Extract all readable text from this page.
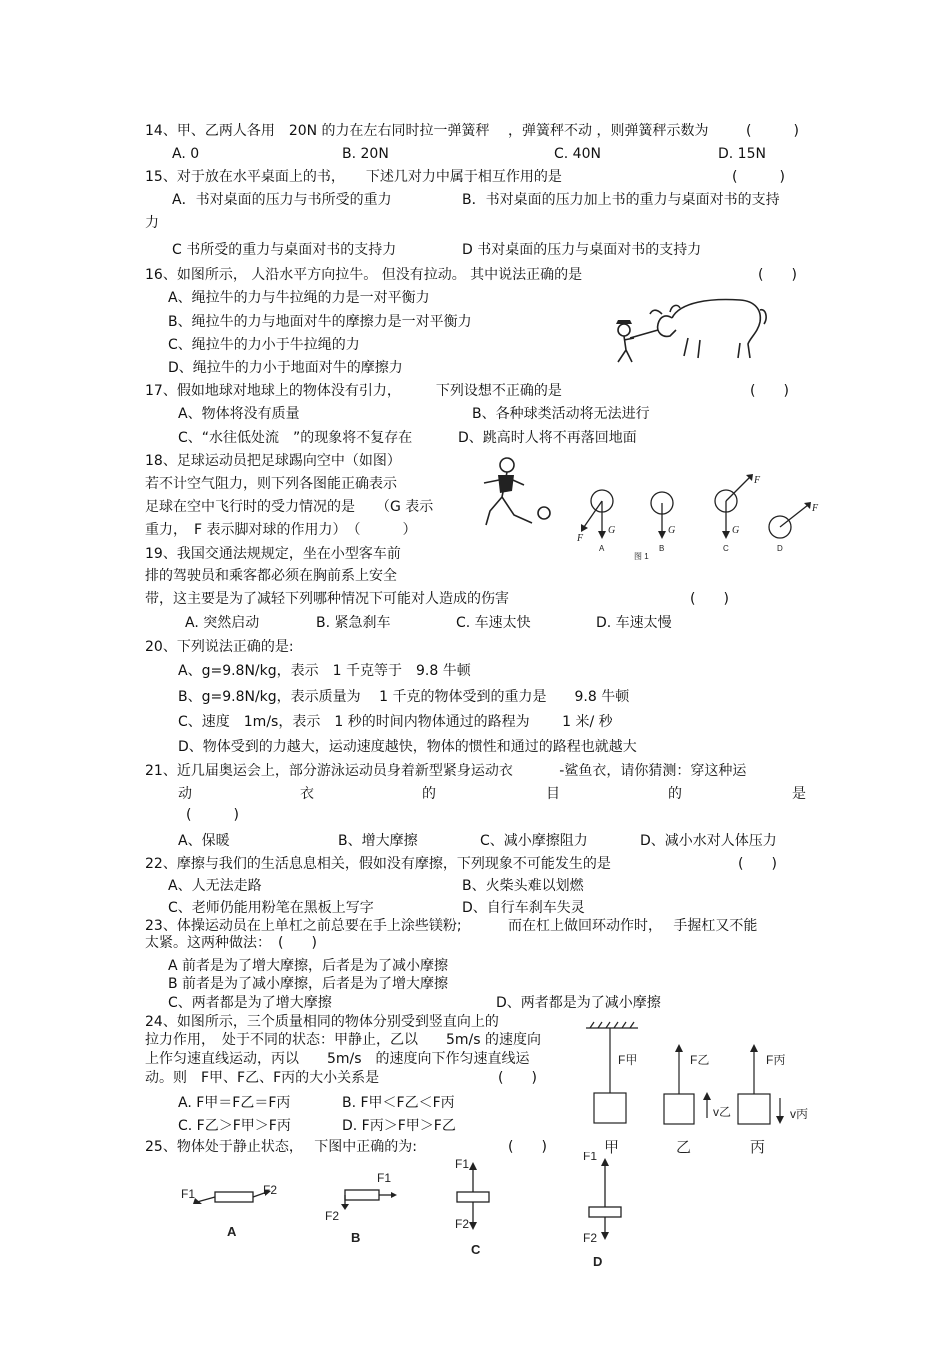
14、甲、乙两人各用　20N 的力在左右同时拉一弹簧秤　 ，弹簧秤不动 ，则弹簧秤示数为	(　　　)
A. 0	B. 20N	C. 40N	D. 15N
15、对于放在水平桌面上的书，　　下述几对力中属于相互作用的是	(　　　)
A．书对桌面的压力与书所受的重力	B．书对桌面的压力加上书的重力与桌面对书的支持
力
C 书所受的重力与桌面对书的支持力	D 书对桌面的压力与桌面对书的支持力
16、如图所示， 人沿水平方向拉牛。 但没有拉动。 其中说法正确的是	(　　)
A、绳拉牛的力与牛拉绳的力是一对平衡力
B、绳拉牛的力与地面对牛的摩擦力是一对平衡力
C、绳拉牛的力小于牛拉绳的力
D、绳拉牛的力小于地面对牛的摩擦力
17、假如地球对地球上的物体没有引力，　　　下列设想不正确的是	(　　)
A、物体将没有质量	B、各种球类活动将无法进行
C、“水往低处流　”的现象将不复存在	D、跳高时人将不再落回地面
18、足球运动员把足球踢向空中（如图）
若不计空气阻力，则下列各图能正确表示
足球在空中飞行时的受力情况的是　　（G 表示
重力，　F 表示脚对球的作用力）　（　　　）
F
G	G	G
F
F
A	B	C	D
图 1
19、我国交通法规规定，坐在小型客车前
排的驾驶员和乘客都必须在胸前系上安全
带，这主要是为了减轻下列哪种情况下可能对人造成的伤害	(　　)
A. 突然启动	B. 紧急刹车	C. 车速太快	D. 车速太慢
20、下列说法正确的是:
A、g=9.8N/kg，表示　1 千克等于　9.8 牛顿
B、g=9.8N/kg，表示质量为　 1 千克的物体受到的重力是　　9.8 牛顿
C、速度　1m/s，表示　1 秒的时间内物体通过的路程为　　 1 米/ 秒
D、物体受到的力越大，运动速度越快，物体的惯性和通过的路程也就越大
21、近几届奥运会上，部分游泳运动员身着新型紧身运动衣　　　 -鲨鱼衣，请你猜测：穿这种运
动	衣	的	目	的	是
(　　　)
A、保暖	B、增大摩擦	C、减小摩擦阻力	D、减小水对人体压力
22、摩擦与我们的生活息息相关，假如没有摩擦，下列现象不可能发生的是	(　　)
A、人无法走路	B、火柴头难以划燃
C、老师仍能用粉笔在黑板上写字	D、自行车刹车失灵
23、体操运动员在上单杠之前总要在手上涂些镁粉;　　　 而在杠上做回环动作时，　 手握杠又不能
太紧。这两种做法：　(　　)
A 前者是为了增大摩擦，后者是为了减小摩擦
B 前者是为了减小摩擦，后者是为了增大摩擦
C、两者都是为了增大摩擦	D、两者都是为了减小摩擦
24、如图所示，三个质量相同的物体分别受到竖直向上的
拉力作用，　处于不同的状态：甲静止，乙以　　5m/s 的速度向
上作匀速直线运动，丙以　　5m/s　的速度向下作匀速直线运
动。则　F甲、F乙、F丙的大小关系是	(　　)
A. F甲＝F乙＝F丙	B. F甲＜F乙＜F丙
C. F乙＞F甲＞F丙	D. F丙＞F甲＞F乙
F甲	F乙	F丙
v乙	v丙
甲	乙	丙
25、物体处于静止状态，　 下图中正确的为:	(　　)
F1	F2
F1
F2
F1
F2
F1
F2
A	B
C
D
